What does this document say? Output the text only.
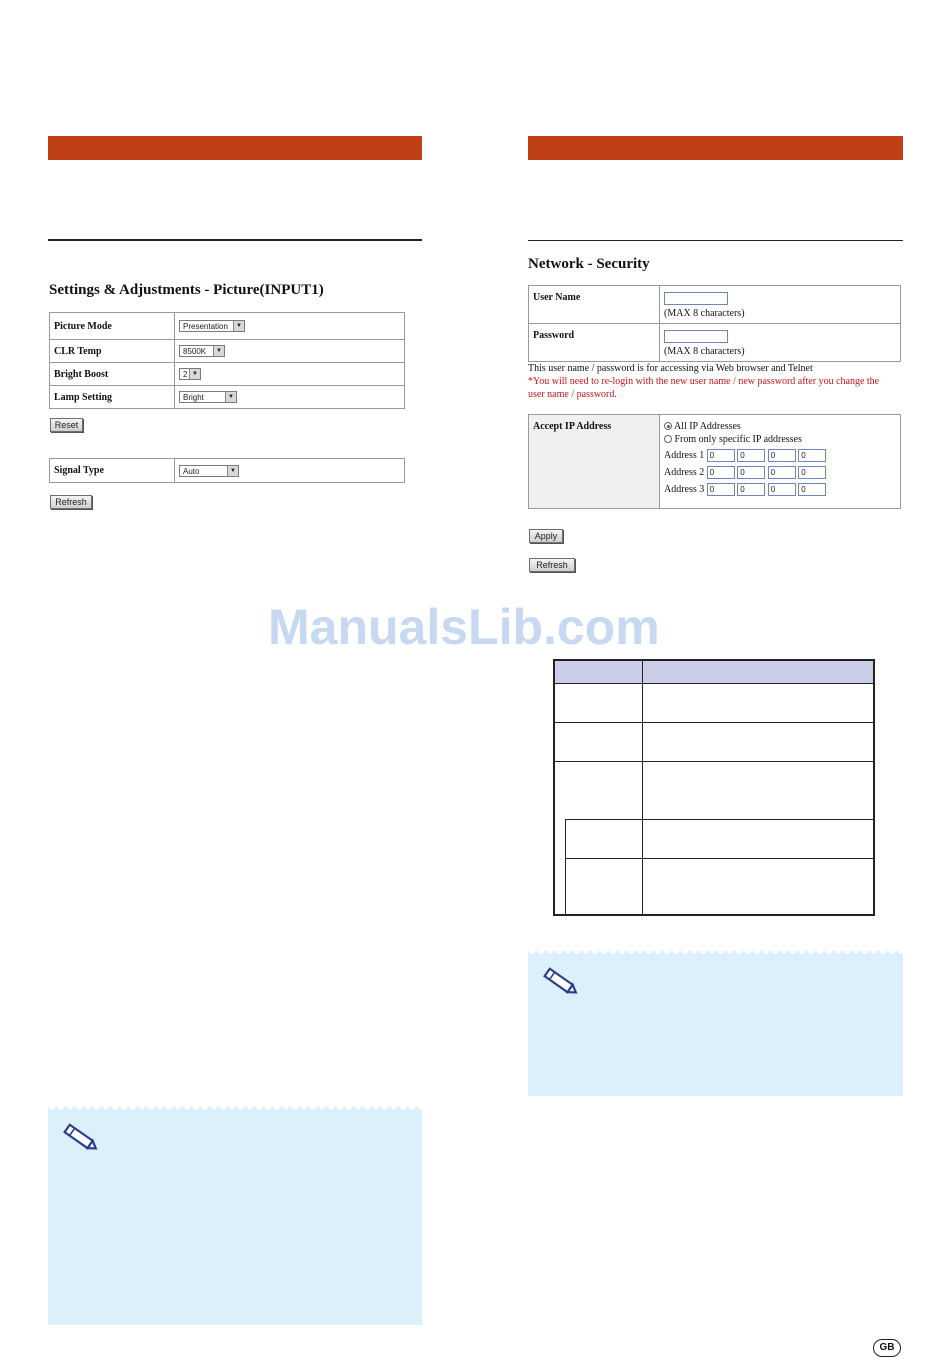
Settings & Adjustments - Picture(INPUT1)
Picture Mode	Presentation ▼

CLR Temp	8500K ▼

Bright Boost	2 ▼

Lamp Setting	Bright ▼
Reset
Signal Type	Auto	▼
Refresh
Network - Security
User Name	(MAX 8 characters)
Password	(MAX 8 characters)
This user name / password is for accessing via Web browser and Telnet
*You will need to re-login with the new user name / new password after you change the
user name / password.
Accept IP Address	All IP Addresses
From only specific IP addresses
Address 1 0	0	0	0
Address 2 0	0	0	0
Address 3 0	0	0	0
Apply
Refresh
ManualsLib.com
GB
